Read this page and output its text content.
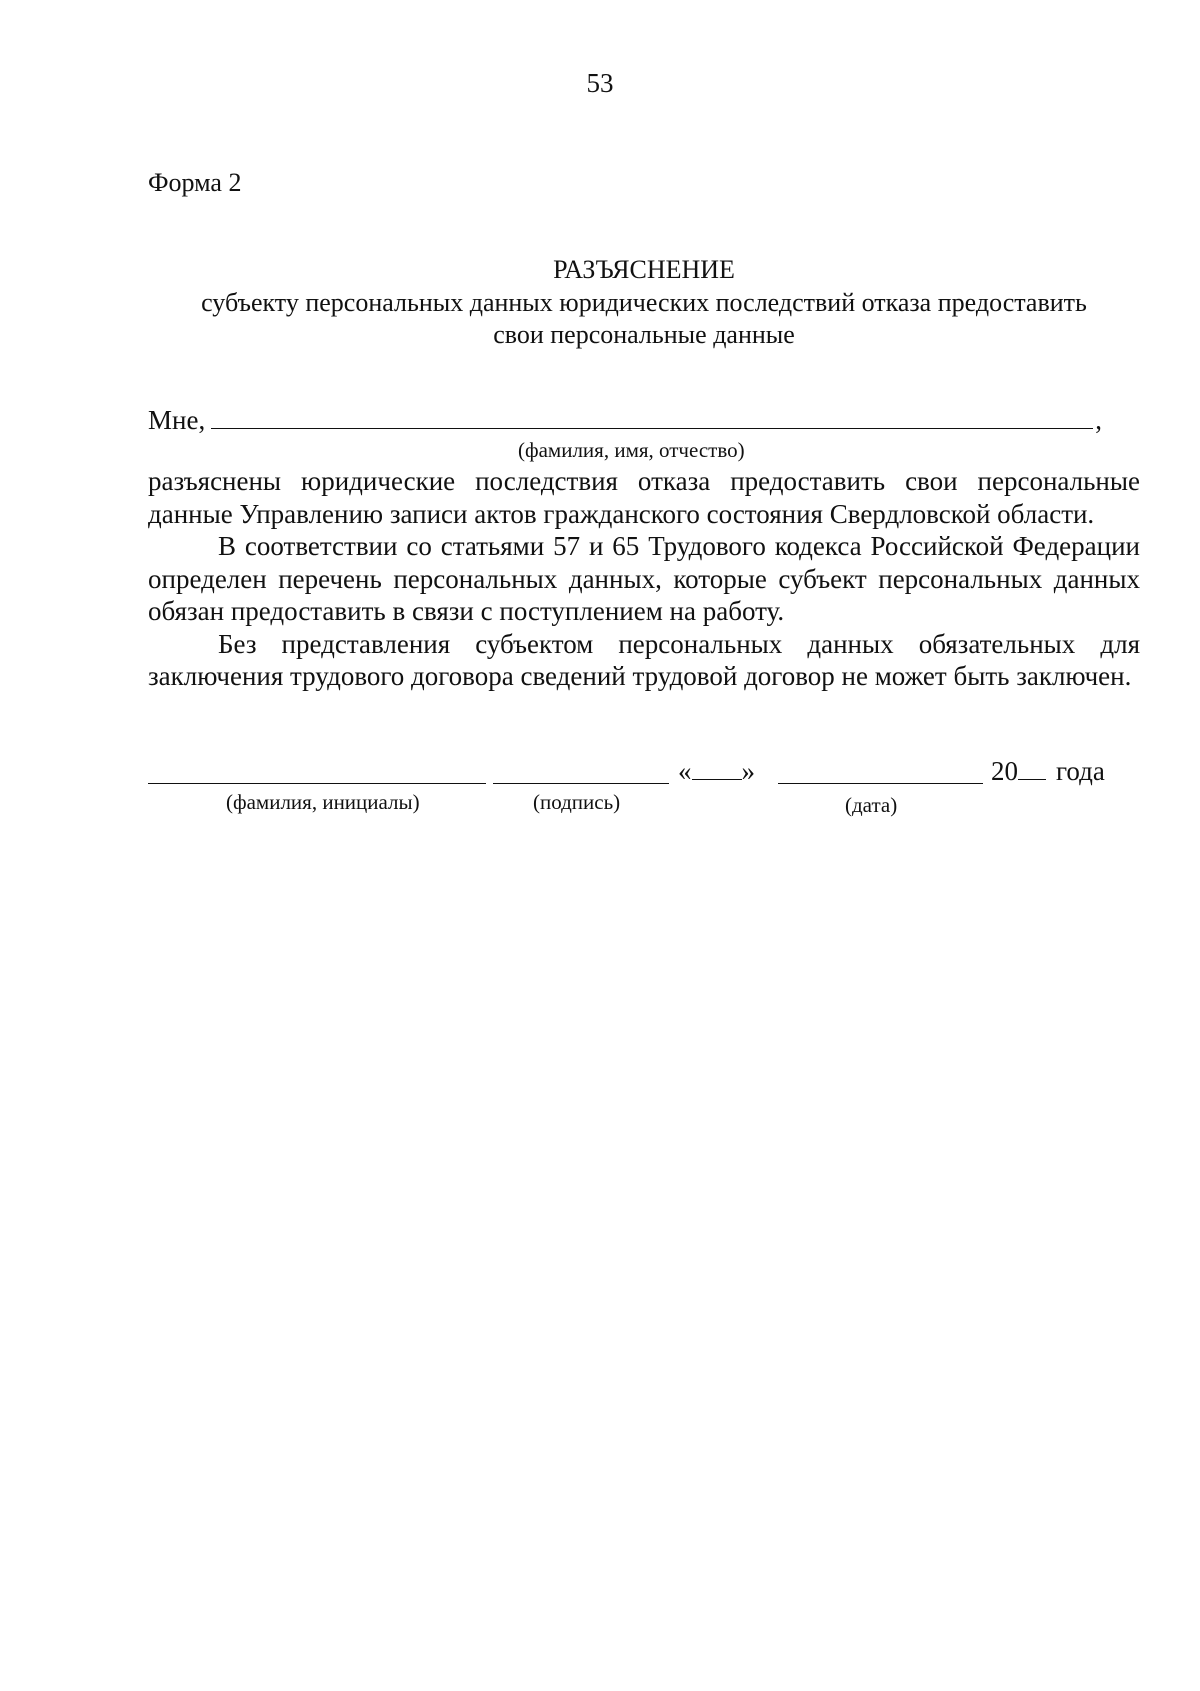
53
Форма 2
РАЗЪЯСНЕНИЕ
субъекту персональных данных юридических последствий отказа предоставить
свои персональные данные
Мне,	,
(фамилия, имя, отчество)

разъяснены юридические последствия отказа предоставить свои персональные данные Управлению записи актов гражданского состояния Свердловской области.

В соответствии со статьями 57 и 65 Трудового кодекса Российской Федерации определен перечень персональных данных, которые субъект персональных данных обязан предоставить в связи с поступлением на работу.

Без представления субъектом персональных данных обязательных для заключения трудового договора сведений трудовой договор не может быть заключен.

« »	20 года
(фамилия, инициалы)	(подпись)	(дата)
